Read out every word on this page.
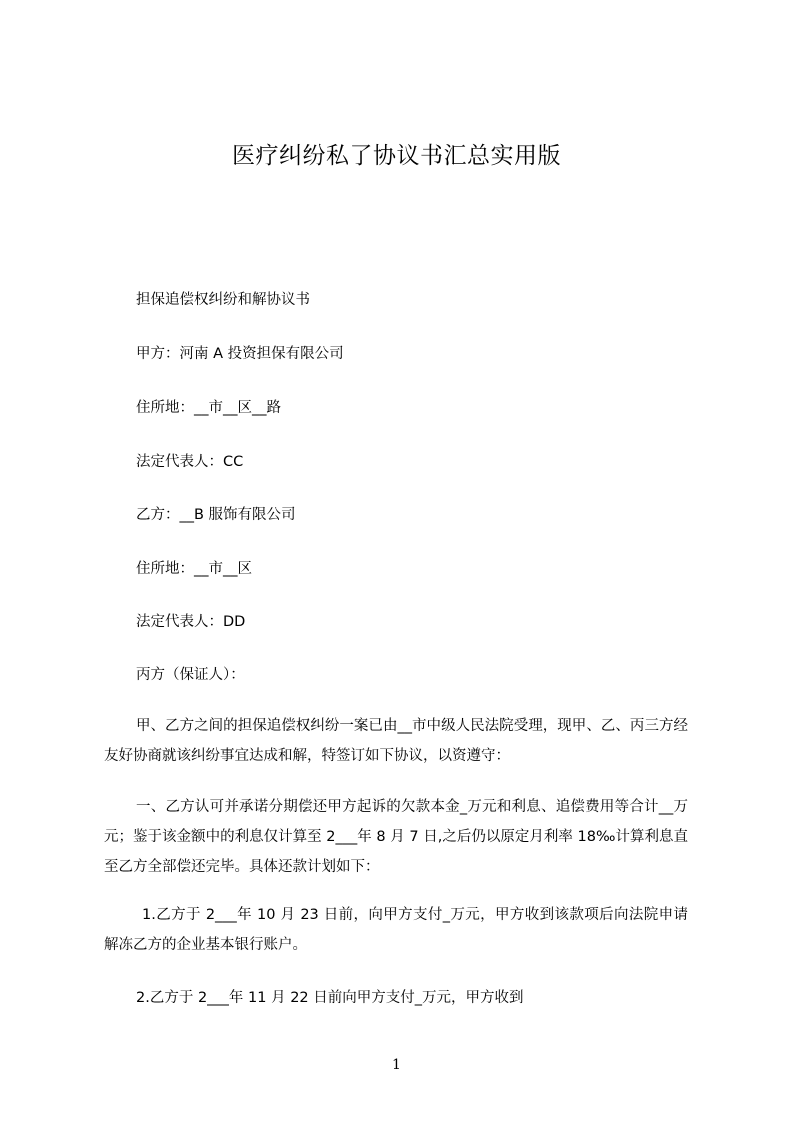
医疗纠纷私了协议书汇总实用版

担保追偿权纠纷和解协议书

甲方：河南 A 投资担保有限公司

住所地：__市__区__路

法定代表人：CC

乙方：__B 服饰有限公司

住所地：__市__区

法定代表人：DD

丙方（保证人）：

甲、乙方之间的担保追偿权纠纷一案已由__市中级人民法院受理，现甲、乙、丙三方经友好协商就该纠纷事宜达成和解，特签订如下协议，以资遵守：

一、乙方认可并承诺分期偿还甲方起诉的欠款本金_万元和利息、追偿费用等合计__万元；鉴于该金额中的利息仅计算至 2___年 8 月 7 日,之后仍以原定月利率 18‰计算利息直至乙方全部偿还完毕。具体还款计划如下：

1.乙方于 2___年 10 月 23 日前，向甲方支付_万元，甲方收到该款项后向法院申请解冻乙方的企业基本银行账户。

2.乙方于 2___年 11 月 22 日前向甲方支付_万元，甲方收到

1
